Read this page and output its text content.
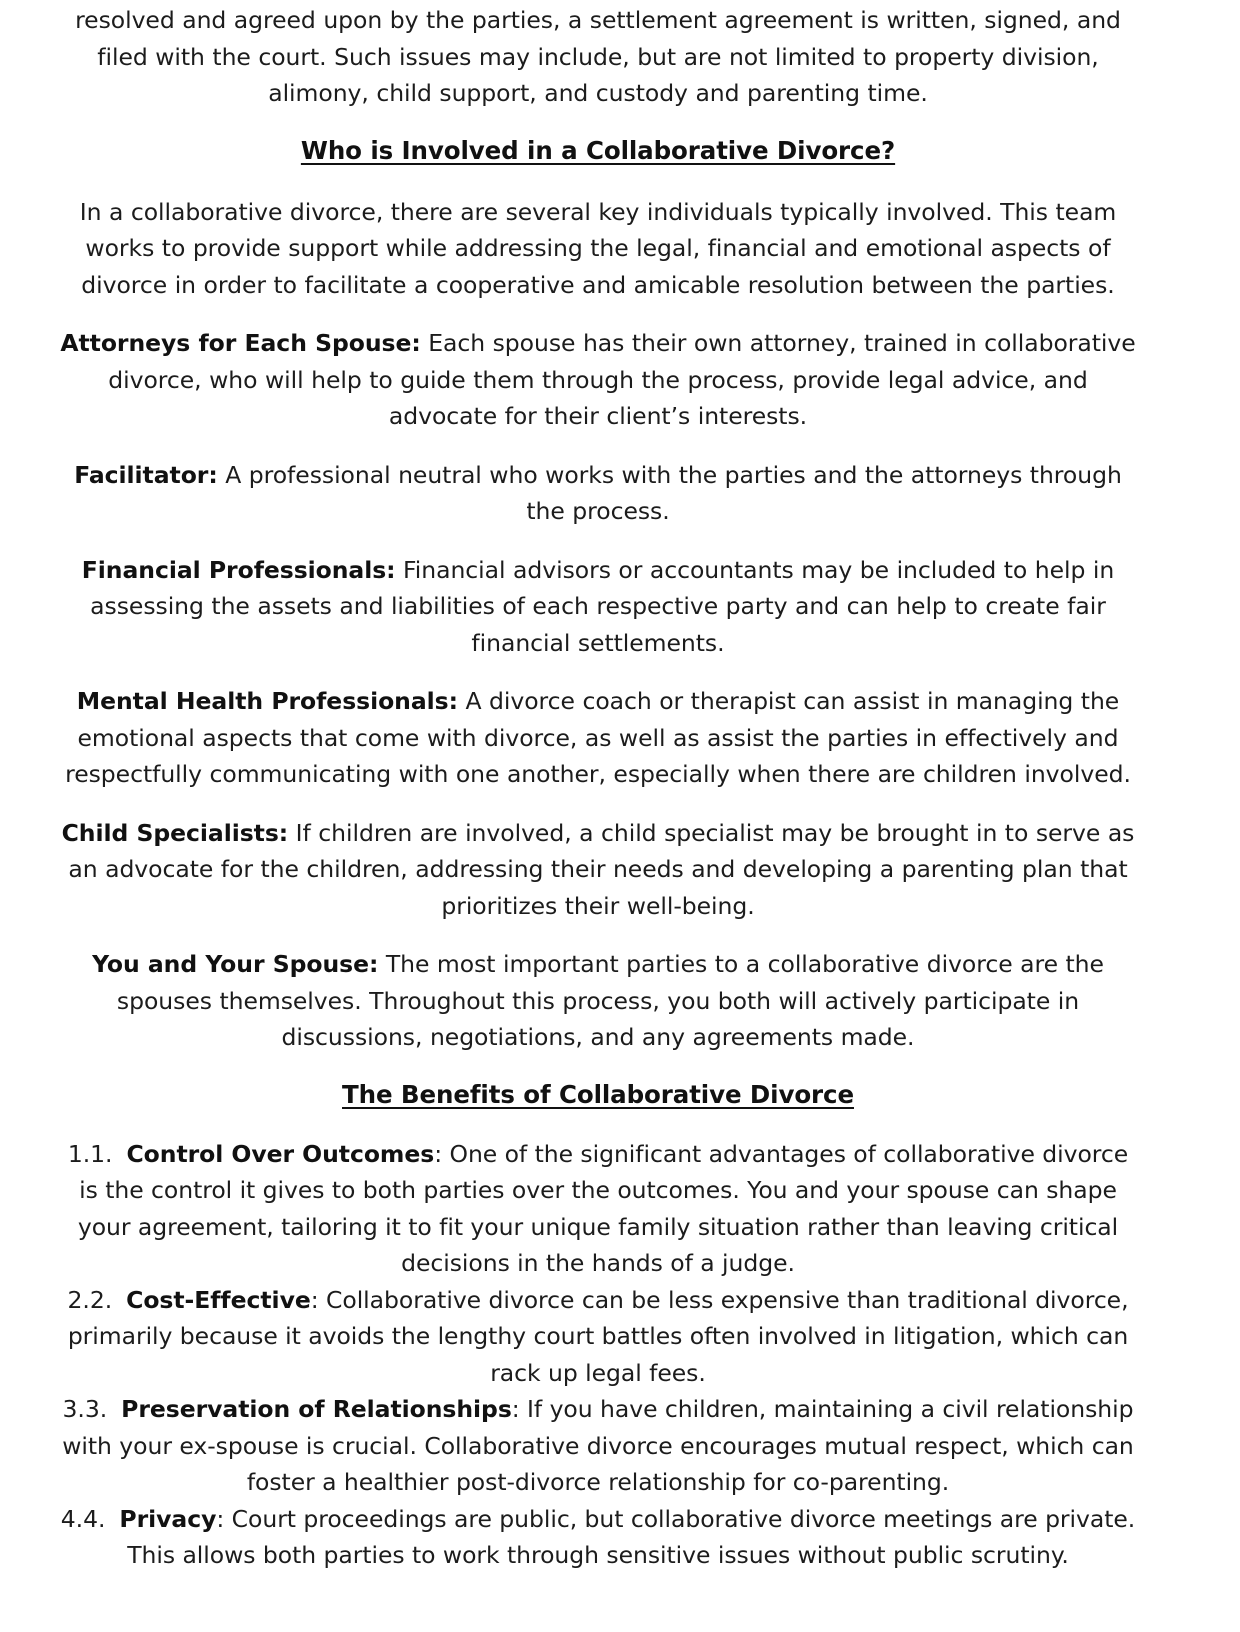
resolved and agreed upon by the parties, a settlement agreement is written, signed, and filed with the court. Such issues may include, but are not limited to property division, alimony, child support, and custody and parenting time.

Who is Involved in a Collaborative Divorce?

In a collaborative divorce, there are several key individuals typically involved. This team works to provide support while addressing the legal, financial and emotional aspects of divorce in order to facilitate a cooperative and amicable resolution between the parties.

Attorneys for Each Spouse: Each spouse has their own attorney, trained in collaborative divorce, who will help to guide them through the process, provide legal advice, and advocate for their client’s interests.

Facilitator: A professional neutral who works with the parties and the attorneys through the process.

Financial Professionals: Financial advisors or accountants may be included to help in assessing the assets and liabilities of each respective party and can help to create fair financial settlements.

Mental Health Professionals: A divorce coach or therapist can assist in managing the emotional aspects that come with divorce, as well as assist the parties in effectively and respectfully communicating with one another, especially when there are children involved.

Child Specialists: If children are involved, a child specialist may be brought in to serve as an advocate for the children, addressing their needs and developing a parenting plan that prioritizes their well-being.

You and Your Spouse: The most important parties to a collaborative divorce are the spouses themselves. Throughout this process, you both will actively participate in discussions, negotiations, and any agreements made.

The Benefits of Collaborative Divorce
1. Control Over Outcomes: One of the significant advantages of collaborative divorce is the control it gives to both parties over the outcomes. You and your spouse can shape your agreement, tailoring it to fit your unique family situation rather than leaving critical decisions in the hands of a judge.
2. Cost-Effective: Collaborative divorce can be less expensive than traditional divorce, primarily because it avoids the lengthy court battles often involved in litigation, which can rack up legal fees.
3. Preservation of Relationships: If you have children, maintaining a civil relationship with your ex-spouse is crucial. Collaborative divorce encourages mutual respect, which can foster a healthier post-divorce relationship for co-parenting.
4. Privacy: Court proceedings are public, but collaborative divorce meetings are private. This allows both parties to work through sensitive issues without public scrutiny.
